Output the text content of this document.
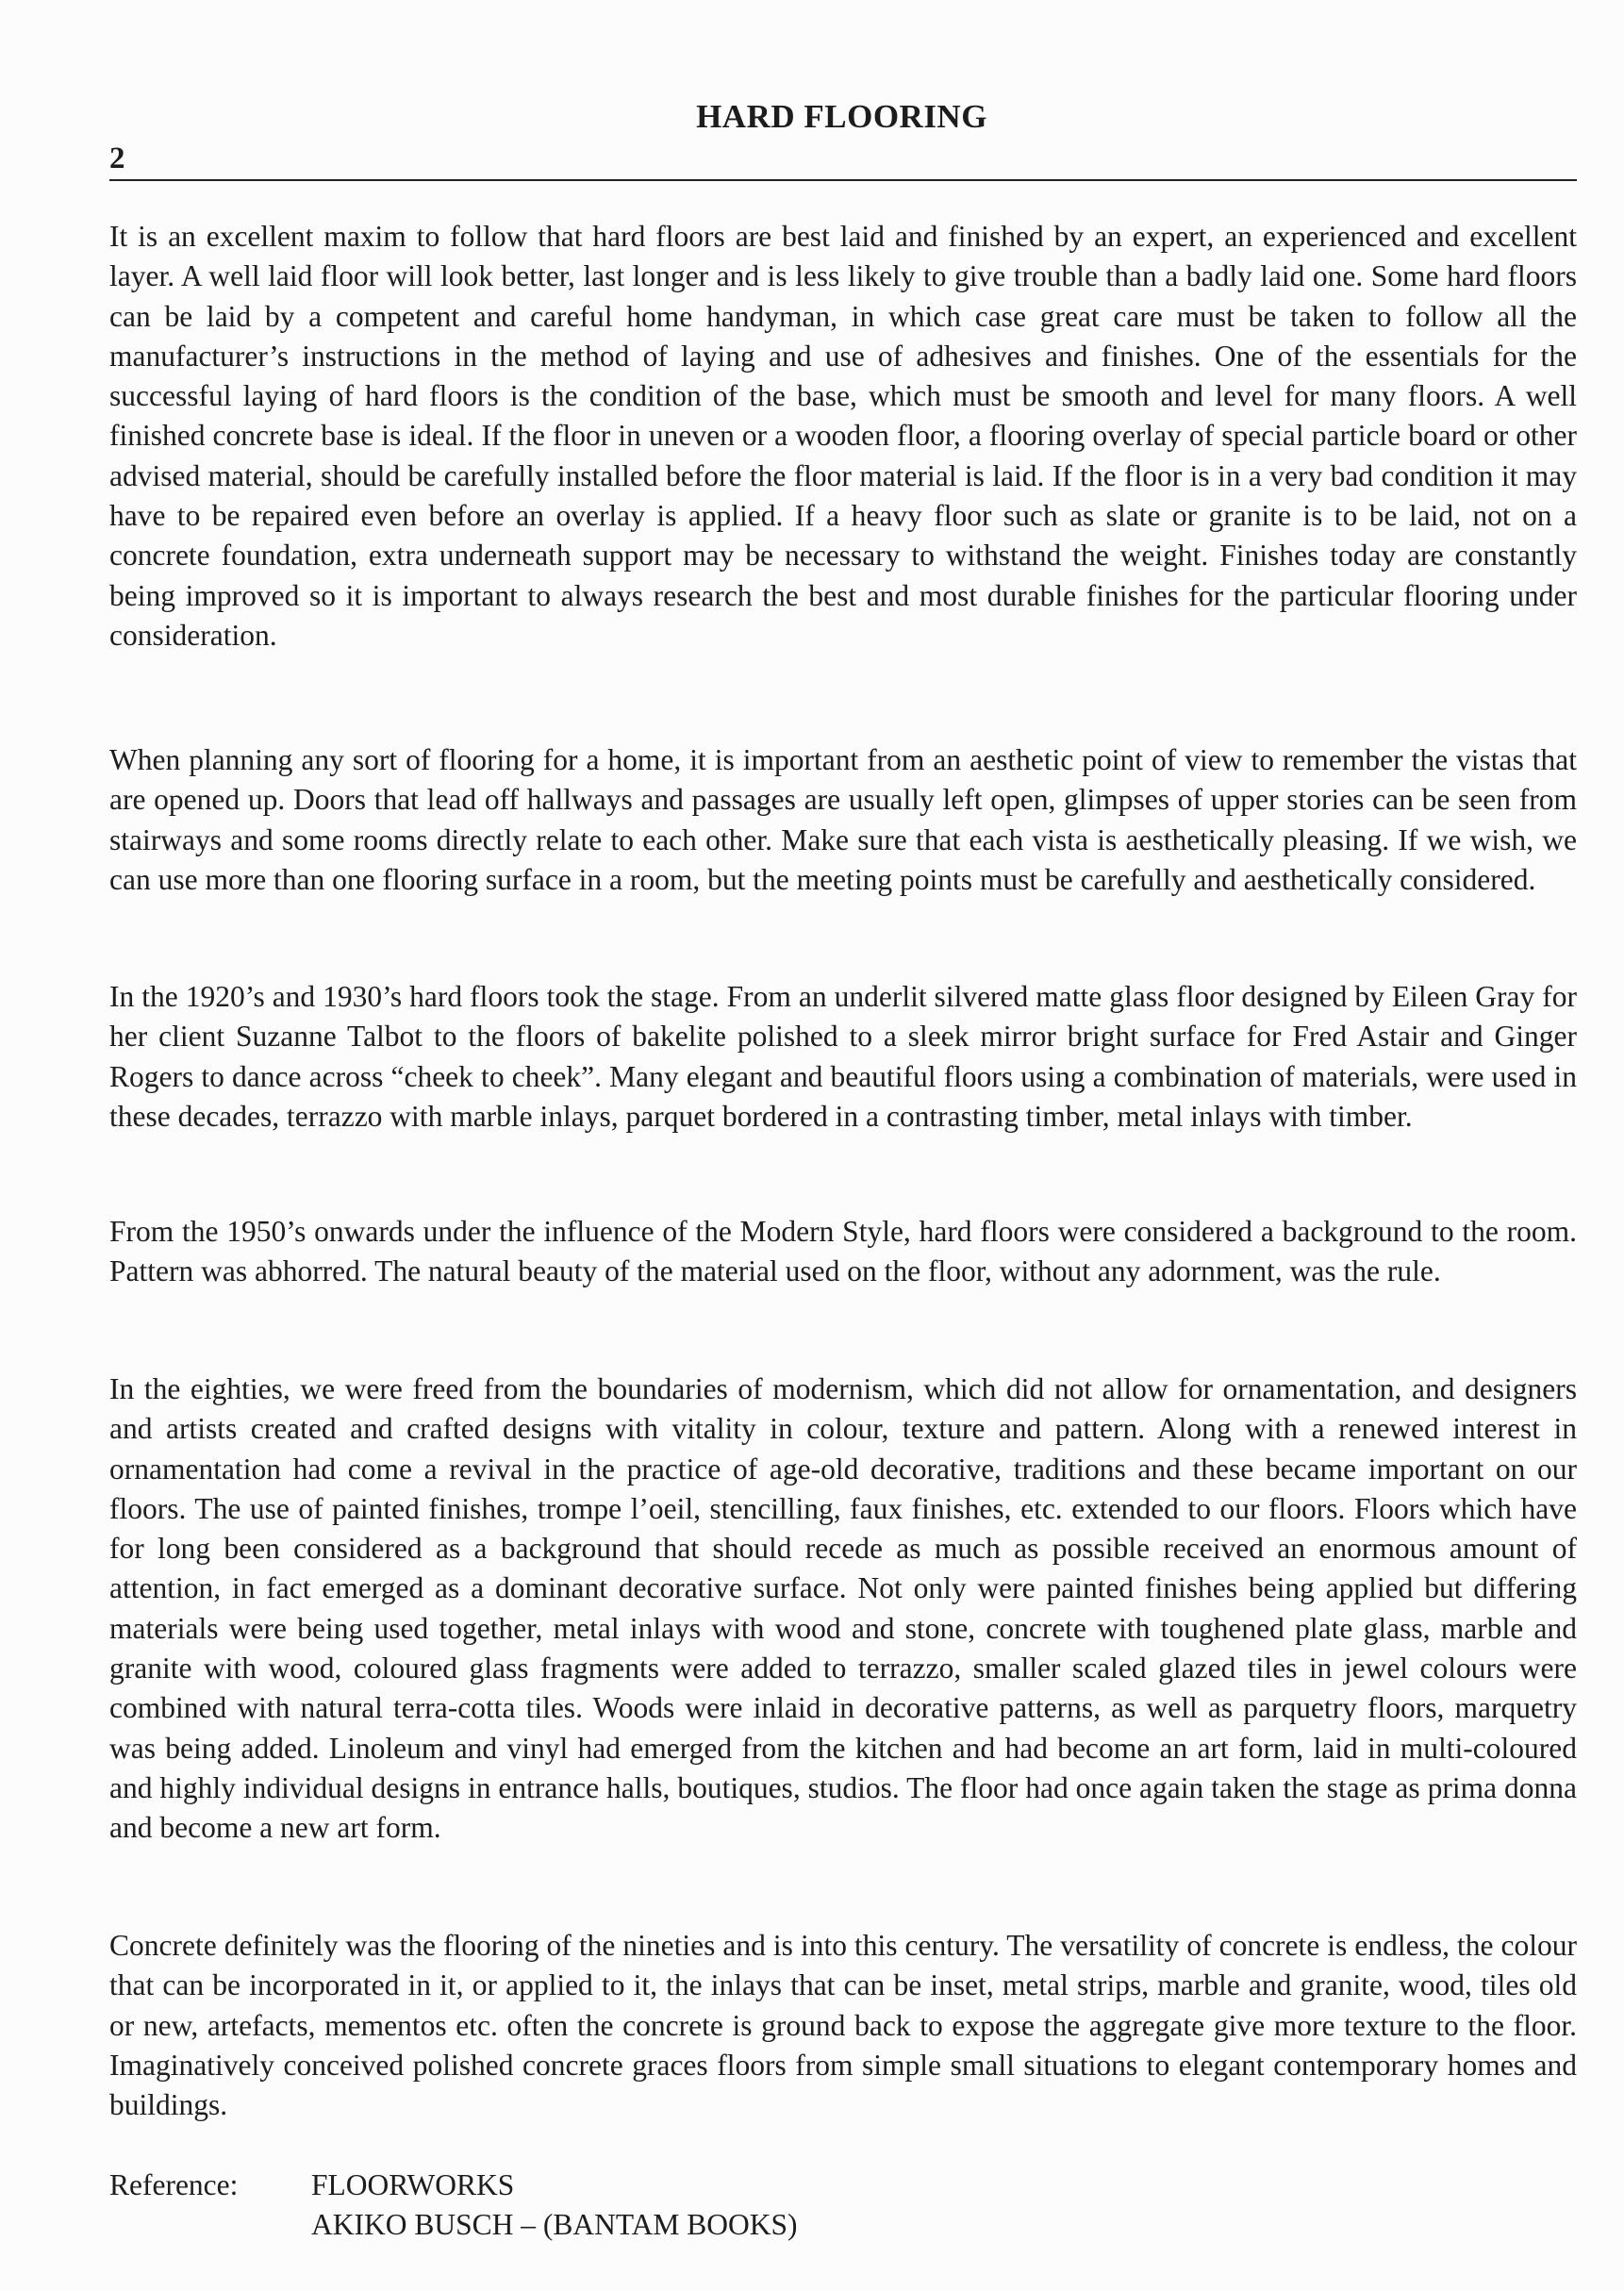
HARD FLOORING
2

It is an excellent maxim to follow that hard floors are best laid and finished by an expert, an experienced and excellent layer. A well laid floor will look better, last longer and is less likely to give trouble than a badly laid one. Some hard floors can be laid by a competent and careful home handyman, in which case great care must be taken to follow all the manufacturer’s instructions in the method of laying and use of adhesives and finishes. One of the essentials for the successful laying of hard floors is the condition of the base, which must be smooth and level for many floors. A well finished concrete base is ideal. If the floor in uneven or a wooden floor, a flooring overlay of special particle board or other advised material, should be carefully installed before the floor material is laid. If the floor is in a very bad condition it may have to be repaired even before an overlay is applied. If a heavy floor such as slate or granite is to be laid, not on a concrete foundation, extra underneath support may be necessary to withstand the weight. Finishes today are constantly being improved so it is important to always research the best and most durable finishes for the particular flooring under consideration.

When planning any sort of flooring for a home, it is important from an aesthetic point of view to remember the vistas that are opened up. Doors that lead off hallways and passages are usually left open, glimpses of upper stories can be seen from stairways and some rooms directly relate to each other. Make sure that each vista is aesthetically pleasing. If we wish, we can use more than one flooring surface in a room, but the meeting points must be carefully and aesthetically considered.

In the 1920’s and 1930’s hard floors took the stage. From an underlit silvered matte glass floor designed by Eileen Gray for her client Suzanne Talbot to the floors of bakelite polished to a sleek mirror bright surface for Fred Astair and Ginger Rogers to dance across “cheek to cheek”. Many elegant and beautiful floors using a combination of materials, were used in these decades, terrazzo with marble inlays, parquet bordered in a contrasting timber, metal inlays with timber.

From the 1950’s onwards under the influence of the Modern Style, hard floors were considered a background to the room. Pattern was abhorred. The natural beauty of the material used on the floor, without any adornment, was the rule.

In the eighties, we were freed from the boundaries of modernism, which did not allow for ornamentation, and designers and artists created and crafted designs with vitality in colour, texture and pattern. Along with a renewed interest in ornamentation had come a revival in the practice of age-old decorative, traditions and these became important on our floors. The use of painted finishes, trompe l’oeil, stencilling, faux finishes, etc. extended to our floors. Floors which have for long been considered as a background that should recede as much as possible received an enormous amount of attention, in fact emerged as a dominant decorative surface. Not only were painted finishes being applied but differing materials were being used together, metal inlays with wood and stone, concrete with toughened plate glass, marble and granite with wood, coloured glass fragments were added to terrazzo, smaller scaled glazed tiles in jewel colours were combined with natural terra-cotta tiles. Woods were inlaid in decorative patterns, as well as parquetry floors, marquetry was being added. Linoleum and vinyl had emerged from the kitchen and had become an art form, laid in multi-coloured and highly individual designs in entrance halls, boutiques, studios. The floor had once again taken the stage as prima donna and become a new art form.

Concrete definitely was the flooring of the nineties and is into this century. The versatility of concrete is endless, the colour that can be incorporated in it, or applied to it, the inlays that can be inset, metal strips, marble and granite, wood, tiles old or new, artefacts, mementos etc. often the concrete is ground back to expose the aggregate give more texture to the floor. Imaginatively conceived polished concrete graces floors from simple small situations to elegant contemporary homes and buildings.

Reference: FLOORWORKS
AKIKO BUSCH – (BANTAM BOOKS)
